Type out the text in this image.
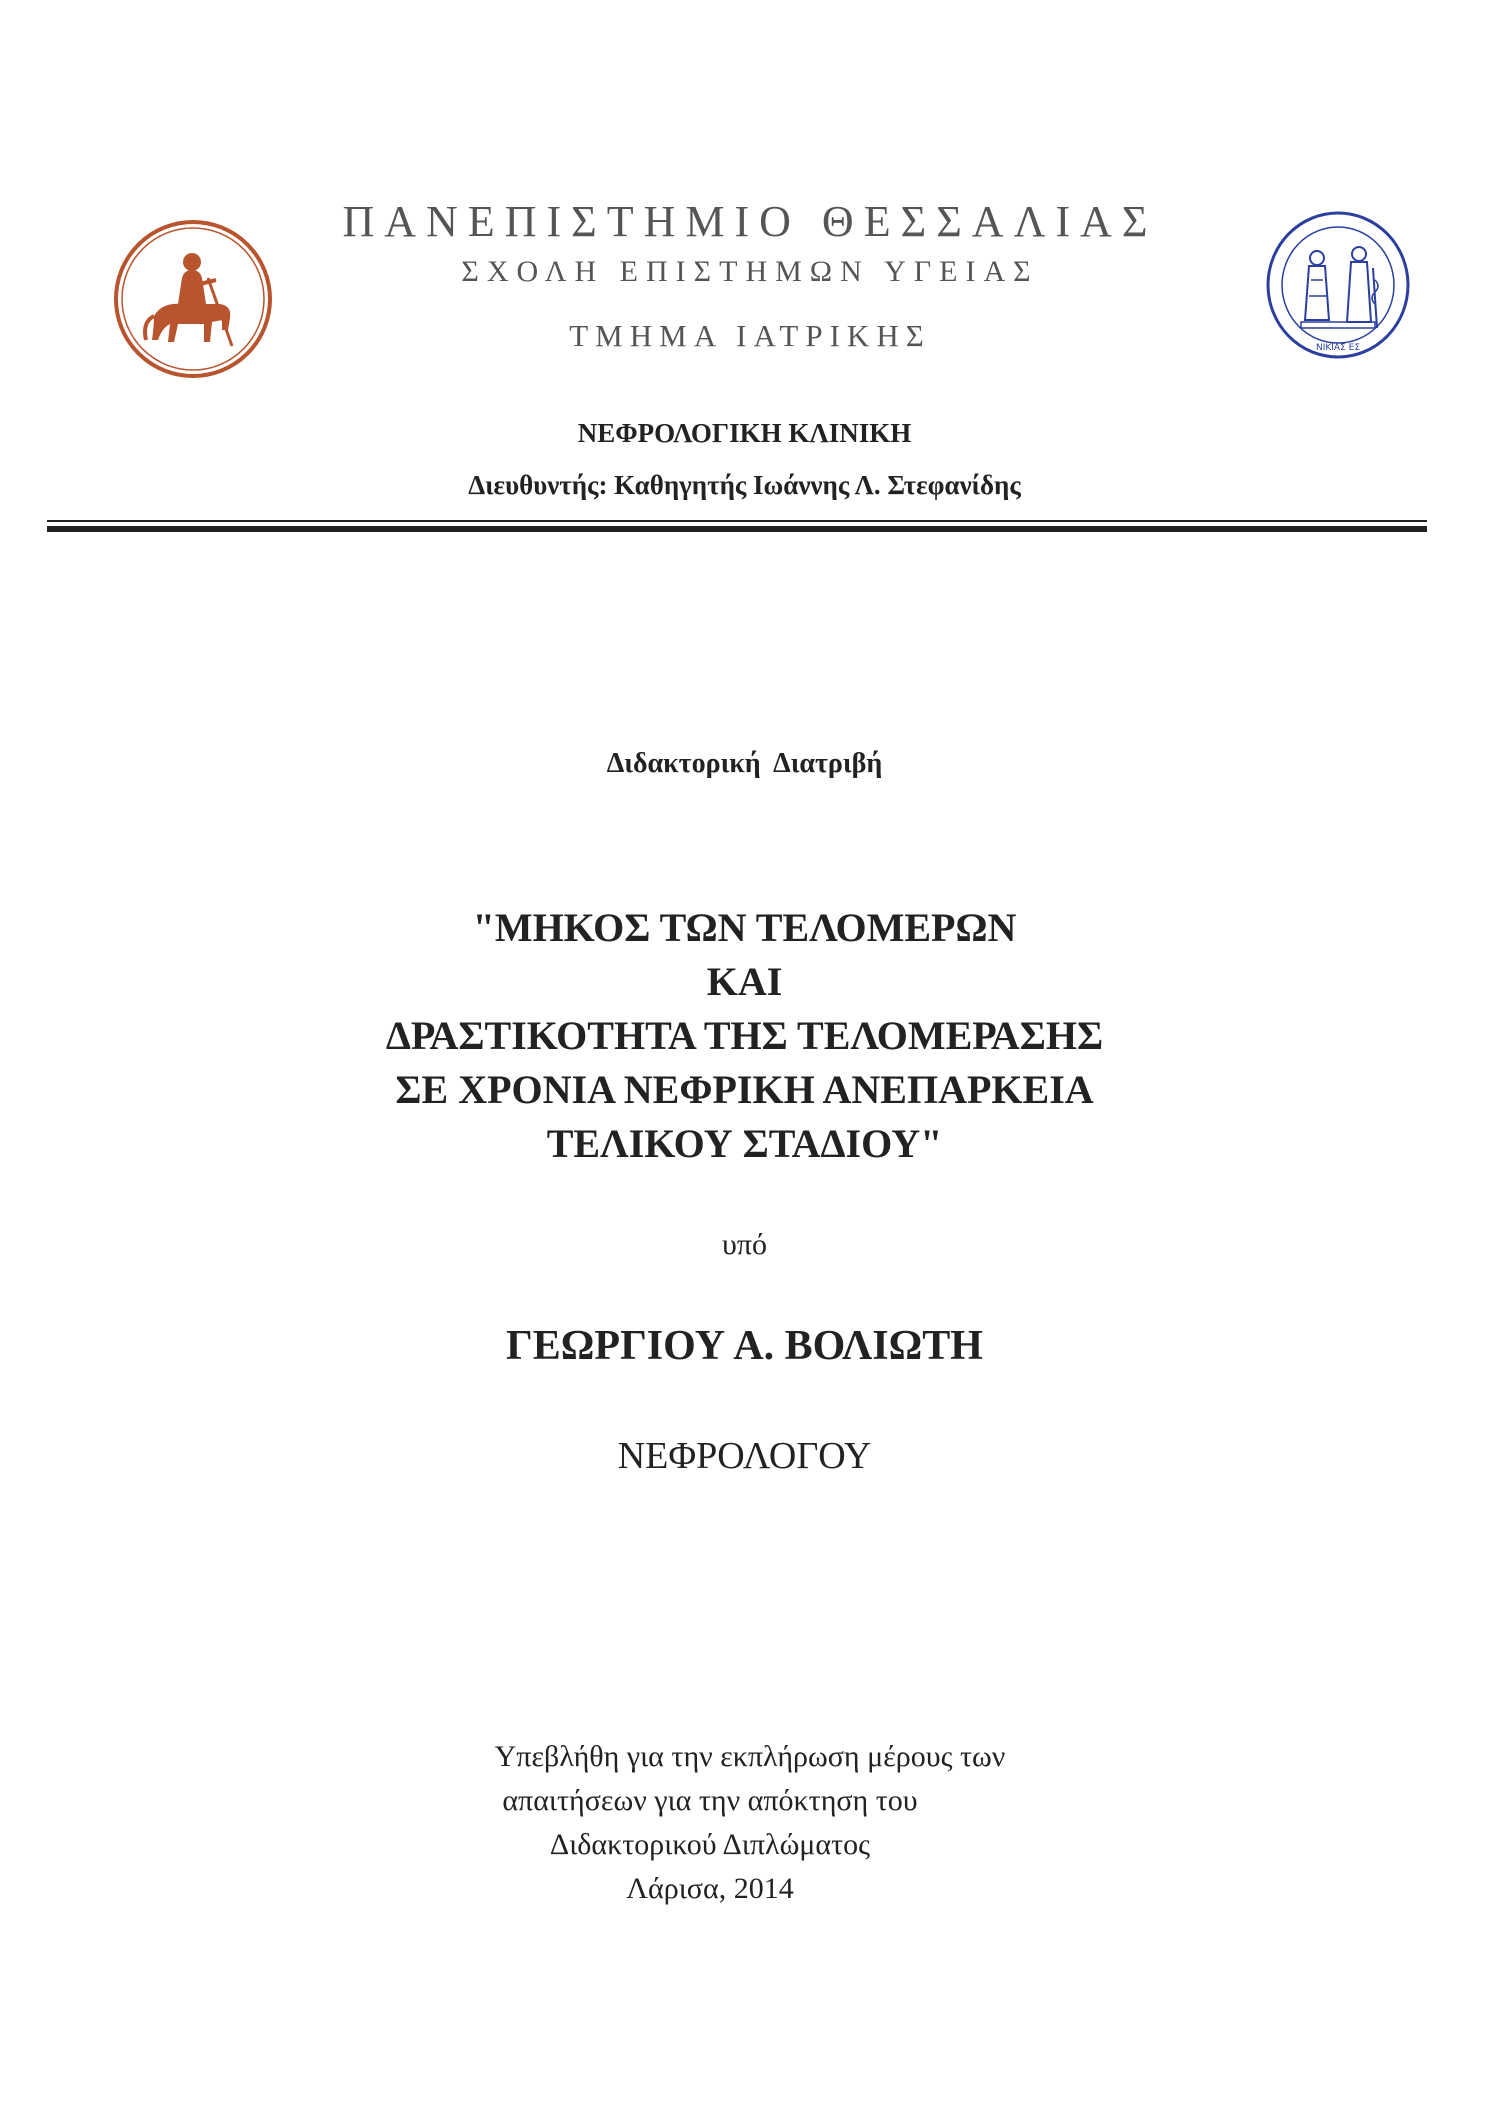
ΝΙΚΙΑΣ ΕΣ
ΠΑΝΕΠΙΣΤΗΜΙΟ ΘΕΣΣΑΛΙΑΣ
ΣΧΟΛΗ ΕΠΙΣΤΗΜΩΝ ΥΓΕΙΑΣ
ΤΜΗΜΑ ΙΑΤΡΙΚΗΣ
ΝΕΦΡΟΛΟΓΙΚΗ ΚΛΙΝΙΚΗ
Διευθυντής: Καθηγητής Ιωάννης Λ. Στεφανίδης
Διδακτορική  Διατριβή
"ΜΗΚΟΣ ΤΩΝ ΤΕΛΟΜΕΡΩΝ
ΚΑΙ
ΔΡΑΣΤΙΚΟΤΗΤΑ ΤΗΣ ΤΕΛΟΜΕΡΑΣΗΣ
ΣΕ ΧΡΟΝΙΑ ΝΕΦΡΙΚΗ ΑΝΕΠΑΡΚΕΙΑ
ΤΕΛΙΚΟΥ ΣΤΑΔΙΟΥ"
υπό
ΓΕΩΡΓΙΟΥ Α. ΒΟΛΙΩΤΗ
ΝΕΦΡΟΛΟΓΟΥ
Υπεβλήθη για την εκπλήρωση μέρους των
απαιτήσεων για την απόκτηση του
Διδακτορικού Διπλώματος
Λάρισα, 2014
